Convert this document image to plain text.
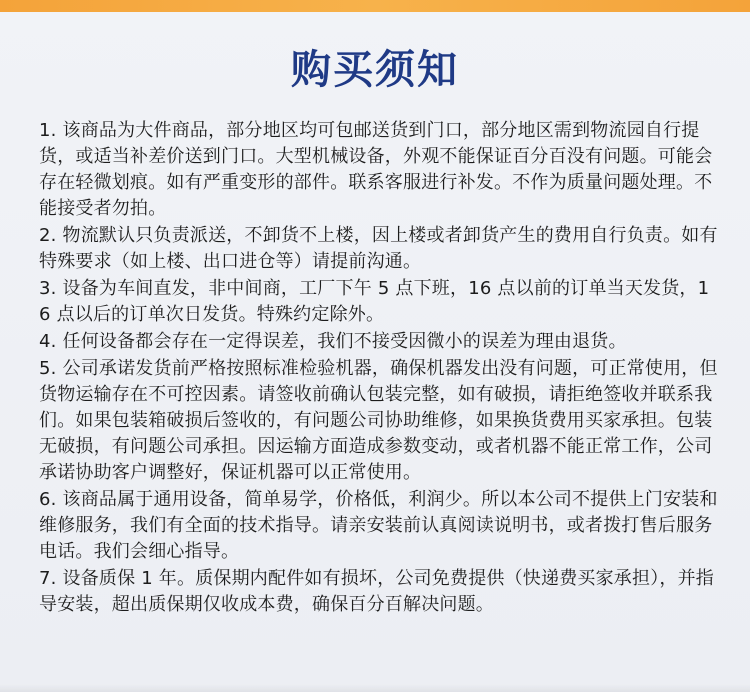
购买须知
1. 该商品为大件商品，部分地区均可包邮送货到门口，部分地区需到物流园自行提货，或适当补差价送到门口。大型机械设备，外观不能保证百分百没有问题。可能会存在轻微划痕。如有严重变形的部件。联系客服进行补发。不作为质量问题处理。不能接受者勿拍。
2. 物流默认只负责派送，不卸货不上楼，因上楼或者卸货产生的费用自行负责。如有特殊要求（如上楼、出口进仓等）请提前沟通。
3. 设备为车间直发，非中间商，工厂下午 5 点下班，16 点以前的订单当天发货，16 点以后的订单次日发货。特殊约定除外。
4. 任何设备都会存在一定得误差，我们不接受因微小的误差为理由退货。
5. 公司承诺发货前严格按照标准检验机器，确保机器发出没有问题，可正常使用，但货物运输存在不可控因素。请签收前确认包装完整，如有破损，请拒绝签收并联系我们。如果包装箱破损后签收的，有问题公司协助维修，如果换货费用买家承担。包装无破损，有问题公司承担。因运输方面造成参数变动，或者机器不能正常工作，公司承诺协助客户调整好，保证机器可以正常使用。
6. 该商品属于通用设备，简单易学，价格低，利润少。所以本公司不提供上门安装和维修服务，我们有全面的技术指导。请亲安装前认真阅读说明书，或者拨打售后服务电话。我们会细心指导。
7. 设备质保 1 年。质保期内配件如有损坏，公司免费提供（快递费买家承担），并指导安装，超出质保期仅收成本费，确保百分百解决问题。
